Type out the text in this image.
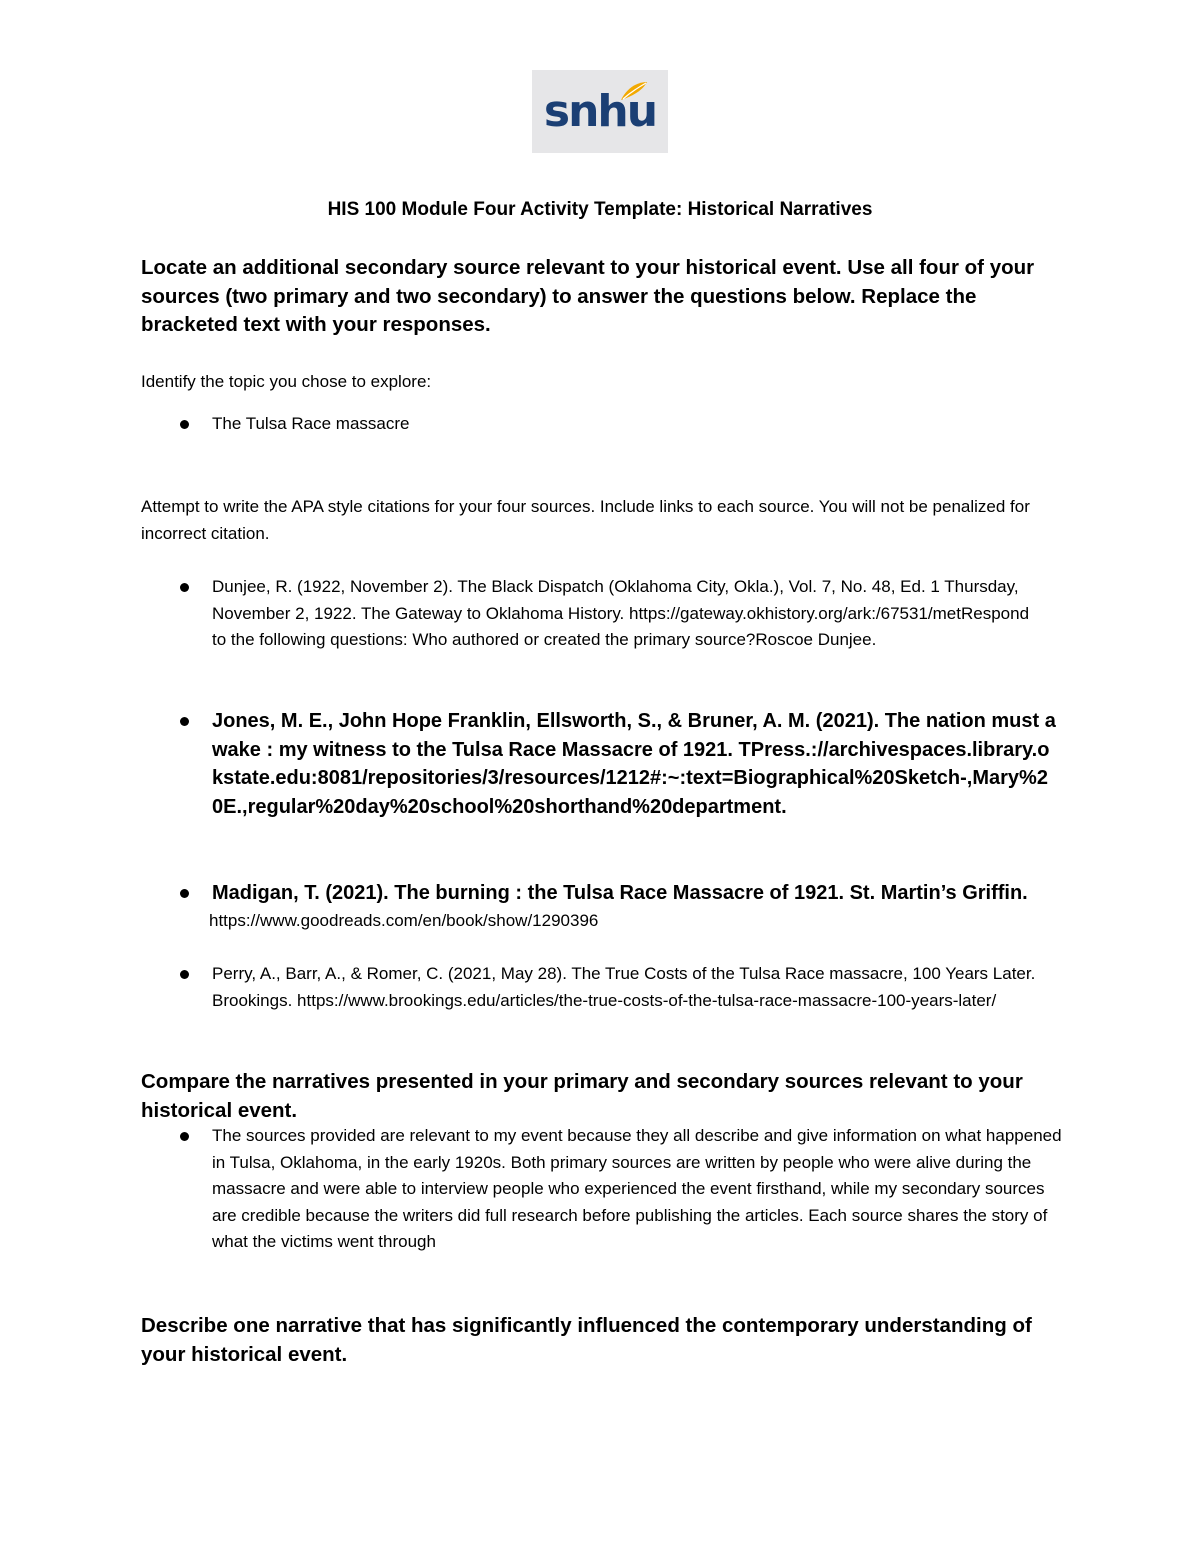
snhu
HIS 100 Module Four Activity Template: Historical Narratives
Locate an additional secondary source relevant to your historical event. Use all four of your sources (two primary and two secondary) to answer the questions below. Replace the bracketed text with your responses.
Identify the topic you chose to explore:
The Tulsa Race massacre
Attempt to write the APA style citations for your four sources. Include links to each source. You will not be penalized for incorrect citation.
Dunjee, R. (1922, November 2). The Black Dispatch (Oklahoma City, Okla.), Vol. 7, No. 48, Ed. 1 Thursday, November 2, 1922. The Gateway to Oklahoma History. https://gateway.okhistory.org/ark:/67531/metRespond to the following questions: Who authored or created the primary source?Roscoe Dunjee.
Jones, M. E., John Hope Franklin, Ellsworth, S., & Bruner, A. M. (2021). The nation must awake : my witness to the Tulsa Race Massacre of 1921. TPress.://archivespaces.library.okstate.edu:8081/repositories/3/resources/1212#:~:text=Biographical%20Sketch-,Mary%20E.,regular%20day%20school%20shorthand%20department.
Madigan, T. (2021). The burning : the Tulsa Race Massacre of 1921. St. Martin’s Griffin.
https://www.goodreads.com/en/book/show/1290396
Perry, A., Barr, A., & Romer, C. (2021, May 28). The True Costs of the Tulsa Race massacre, 100 Years Later. Brookings. https://www.brookings.edu/articles/the-true-costs-of-the-tulsa-race-massacre-100-years-later/
Compare the narratives presented in your primary and secondary sources relevant to your historical event.
The sources provided are relevant to my event because they all describe and give information on what happened in Tulsa, Oklahoma, in the early 1920s. Both primary sources are written by people who were alive during the massacre and were able to interview people who experienced the event firsthand, while my secondary sources are credible because the writers did full research before publishing the articles. Each source shares the story of what the victims went through
Describe one narrative that has significantly influenced the contemporary understanding of your historical event.
